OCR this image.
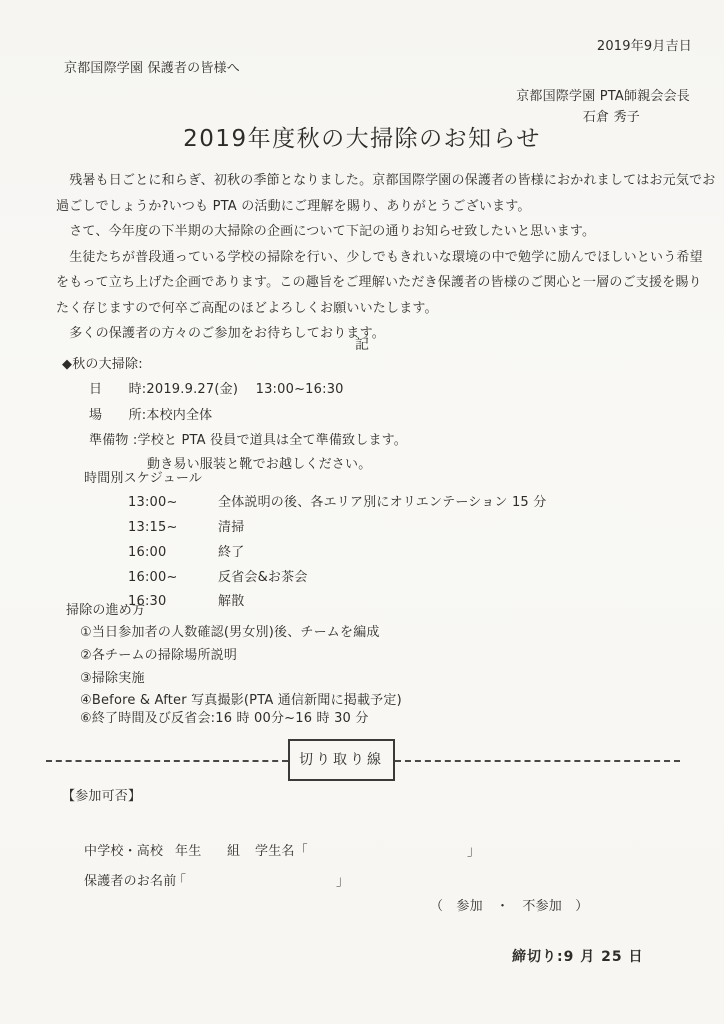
2019年9月吉日
京都国際学園 保護者の皆様へ
京都国際学園 PTA師親会会長
石倉 秀子
2019年度秋の大掃除のお知らせ
　残暑も日ごとに和らぎ、初秋の季節となりました。京都国際学園の保護者の皆様におかれましてはお元気でお
過ごしでしょうか?いつも PTA の活動にご理解を賜り、ありがとうございます。
　さて、今年度の下半期の大掃除の企画について下記の通りお知らせ致したいと思います。
　生徒たちが普段通っている学校の掃除を行い、少しでもきれいな環境の中で勉学に励んでほしいという希望
をもって立ち上げた企画であります。この趣旨をご理解いただき保護者の皆様のご関心と一層のご支援を賜り
たく存じますので何卒ご高配のほどよろしくお願いいたします。
　多くの保護者の方々のご参加をお待ちしております。
記
◆秋の大掃除:
日　　時:2019.9.27(金)　 13:00~16:30
場　　所:本校内全体
準備物 :学校と PTA 役員で道具は全て準備致します。
動き易い服装と靴でお越しください。
時間別スケジュール
13:00~	全体説明の後、各エリア別にオリエンテーション 15 分
13:15~	清掃
16:00	終了
16:00~	反省会&お茶会
16:30	解散
掃除の進め方
①当日参加者の人数確認(男女別)後、チームを編成
②各チームの掃除場所説明
③掃除実施
④Before & After 写真撮影(PTA 通信新聞に掲載予定)
⑥終了時間及び反省会:16 時 00分~16 時 30 分
切り取り線
【参加可否】
中学校・高校 年生 組 学生名「	」
保護者のお名前
「	」
（　参加　・　不参加　）
締切り:9 月 25 日
